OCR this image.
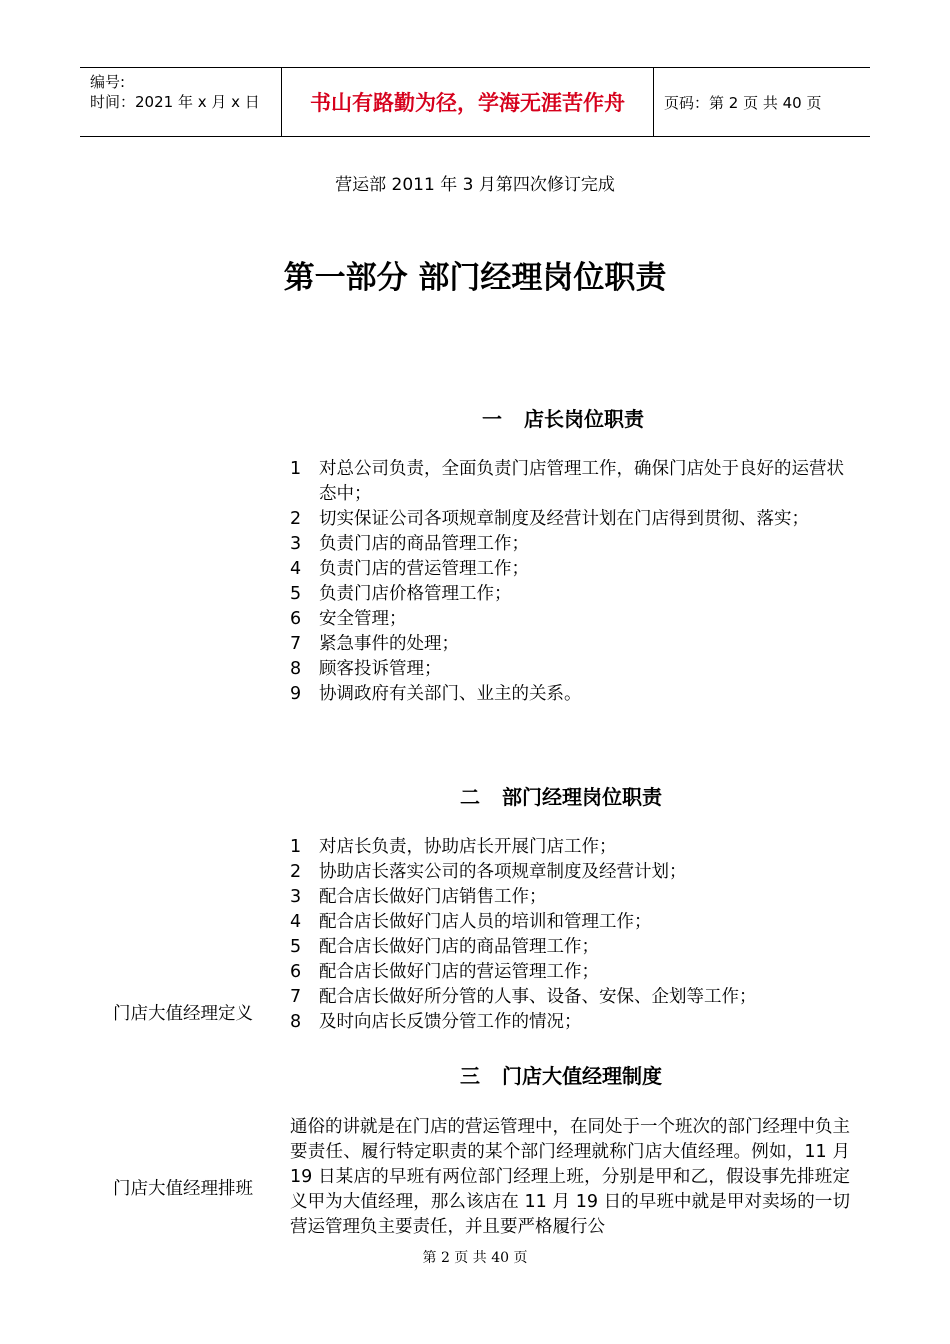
编号:
时间：2021 年 x 月 x 日	书山有路勤为径，学海无涯苦作舟	页码：第 2 页 共 40 页
营运部 2011 年 3 月第四次修订完成
第一部分 部门经理岗位职责
一 店长岗位职责
1	对总公司负责，全面负责门店管理工作，确保门店处于良好的运营状态中；
2	切实保证公司各项规章制度及经营计划在门店得到贯彻、落实；
3	负责门店的商品管理工作；
4	负责门店的营运管理工作；
5	负责门店价格管理工作；
6	安全管理；
7	紧急事件的处理；
8	顾客投诉管理；
9	协调政府有关部门、业主的关系。
二 部门经理岗位职责
1	对店长负责，协助店长开展门店工作；
2	协助店长落实公司的各项规章制度及经营计划；
3	配合店长做好门店销售工作；
4	配合店长做好门店人员的培训和管理工作；
5	配合店长做好门店的商品管理工作；
6	配合店长做好门店的营运管理工作；
7	配合店长做好所分管的人事、设备、安保、企划等工作；
8	及时向店长反馈分管工作的情况；
门店大值经理定义
三 门店大值经理制度
门店大值经理排班
通俗的讲就是在门店的营运管理中，在同处于一个班次的部门经理中负主要责任、履行特定职责的某个部门经理就称门店大值经理。例如，11 月 19 日某店的早班有两位部门经理上班，分别是甲和乙，假设事先排班定义甲为大值经理，那么该店在 11 月 19 日的早班中就是甲对卖场的一切营运管理负主要责任，并且要严格履行公
第 2 页 共 40 页
